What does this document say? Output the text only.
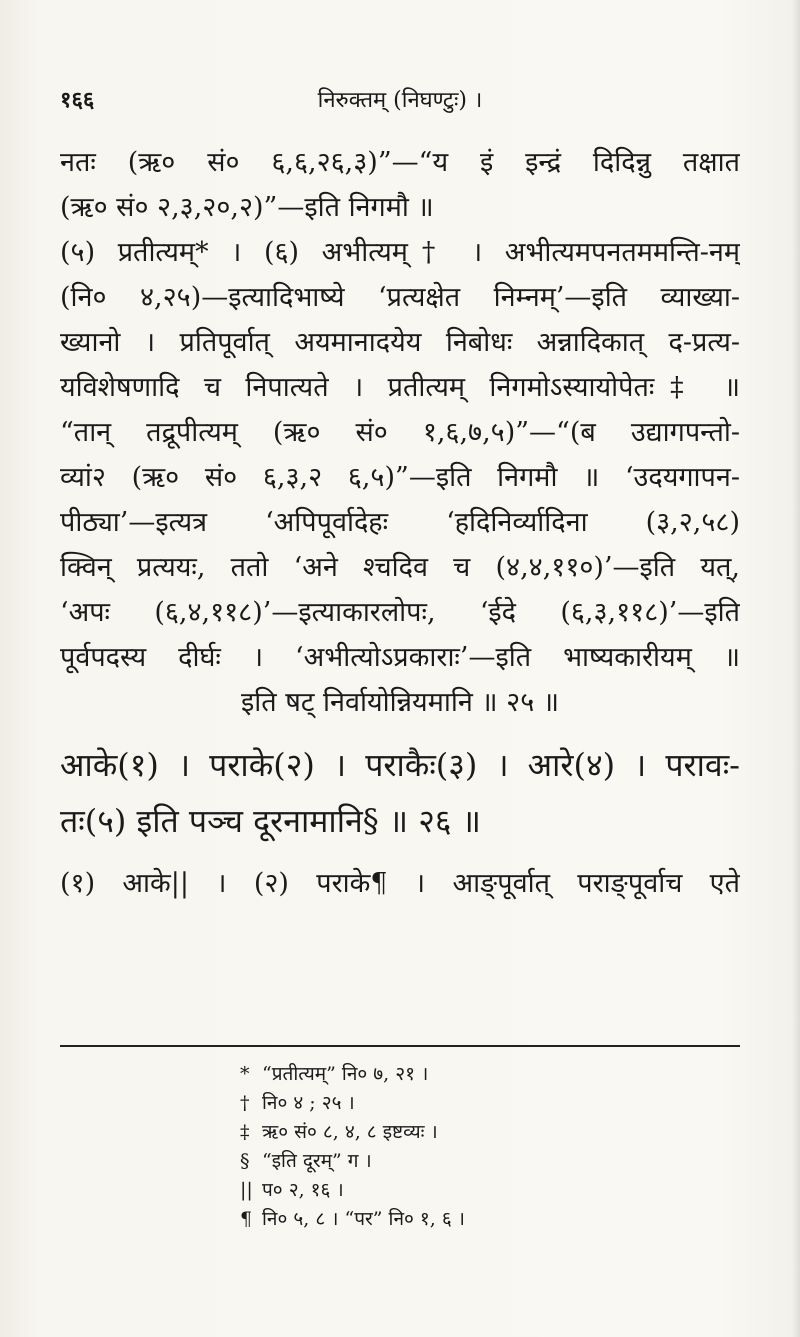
१६६	निरुक्तम् (निघण्टुः) ।
नतः (ऋ० सं० ६,६,२६,३)”—“य इं इन्द्रं दिदिन्नु तक्षात
(ऋ० सं० २,३,२०,२)”—इति निगमौ ॥
(५) प्रतीत्यम्* । (६) अभीत्यम्† । अभीत्यमपनतममन्ति-नम्
(नि० ४,२५)—इत्यादिभाष्ये ‘प्रत्यक्षेत निम्नम्’—इति व्याख्या-
ख्यानो । प्रतिपूर्वात् अयमानादयेय निबोधः अन्नादिकात् द-प्रत्य-
यविशेषणादि च निपात्यते । प्रतीत्यम् निगमोऽस्यायोपेतः‡ ॥
“तान् तद्रूपीत्यम् (ऋ० सं० १,६,७,५)”—“(ब उद्यागपन्तो-
व्यां२ (ऋ० सं० ६,३,२ ६,५)”—इति निगमौ ॥ ‘उदयगापन-
पीठ्या’—इत्यत्र ‘अपिपूर्वादेहः ‘हदिनिर्व्यादिना (३,२,५८)
क्विन् प्रत्ययः, ततो ‘अने श्चदिव च (४,४,११०)’—इति यत्,
‘अपः (६,४,११८)’—इत्याकारलोपः, ‘ईदे (६,३,११८)’—इति
पूर्वपदस्य दीर्घः । ‘अभीत्योऽप्रकाराः’—इति भाष्यकारीयम् ॥
इति षट् निर्वायोन्नियमानि ॥ २५ ॥
आके(१) । पराके(२) । पराकैः(३) । आरे(४) । परावः-
तः(५) इति पञ्च दूरनामानि§ ॥ २६ ॥
(१) आके|| । (२) पराके¶ । आङ्पूर्वात् पराङ्पूर्वाच एते
* “प्रतीत्यम्” नि० ७, २१ ।
† नि० ४ ; २५ ।
‡ ऋ० सं० ८, ४, ८ इष्टव्यः ।
§ “इति दूरम्” ग ।
|| प० २, १६ ।
¶ नि० ५, ८ । “पर” नि० १, ६ ।
